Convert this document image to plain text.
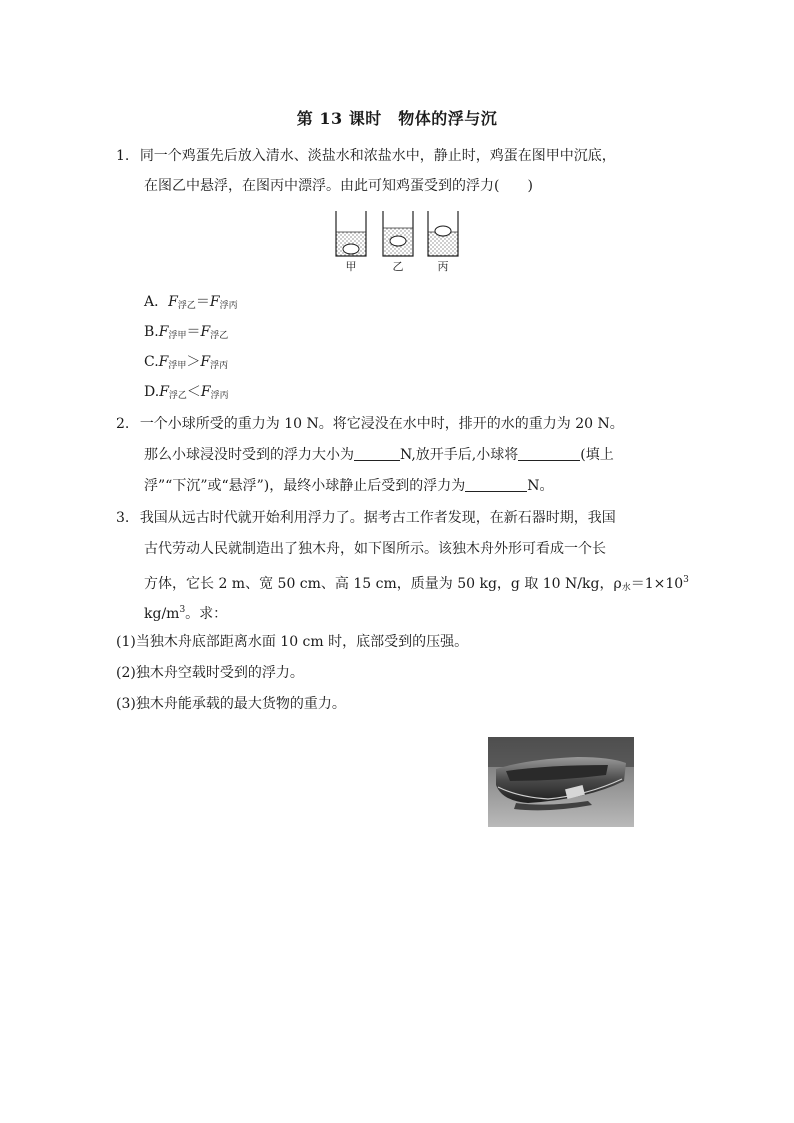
第 13 课时　物体的浮与沉
1. 同一个鸡蛋先后放入清水、淡盐水和浓盐水中，静止时，鸡蛋在图甲中沉底，
在图乙中悬浮，在图丙中漂浮。由此可知鸡蛋受到的浮力(　　)
甲	乙	丙
A．$F_{浮乙}=F_{浮丙}$
$B.F_{浮甲}=F_{浮乙}$
$C.F_{浮甲}>F_{浮丙}$
$D.F_{浮乙}<F_{浮丙}$
2. 一个小球所受的重力为 10 N。将它浸没在水中时，排开的水的重力为 20 N。
那么小球浸没时受到的浮力大小为	N,放开手后,小球将	(填上
浮”“下沉”或“悬浮”)，最终小球静止后受到的浮力为	N。
3. 我国从远古时代就开始利用浮力了。据考古工作者发现，在新石器时期，我国
古代劳动人民就制造出了独木舟，如下图所示。该独木舟外形可看成一个长
方体，它长 2 m、宽 50 cm、高 15 cm，质量为 50 kg，g 取 10 N/kg，$\rho_水=1\times 10^3$
$kg/m^3$。求：
(1)当独木舟底部距离水面 10 cm 时，底部受到的压强。
(2)独木舟空载时受到的浮力。
(3)独木舟能承载的最大货物的重力。
